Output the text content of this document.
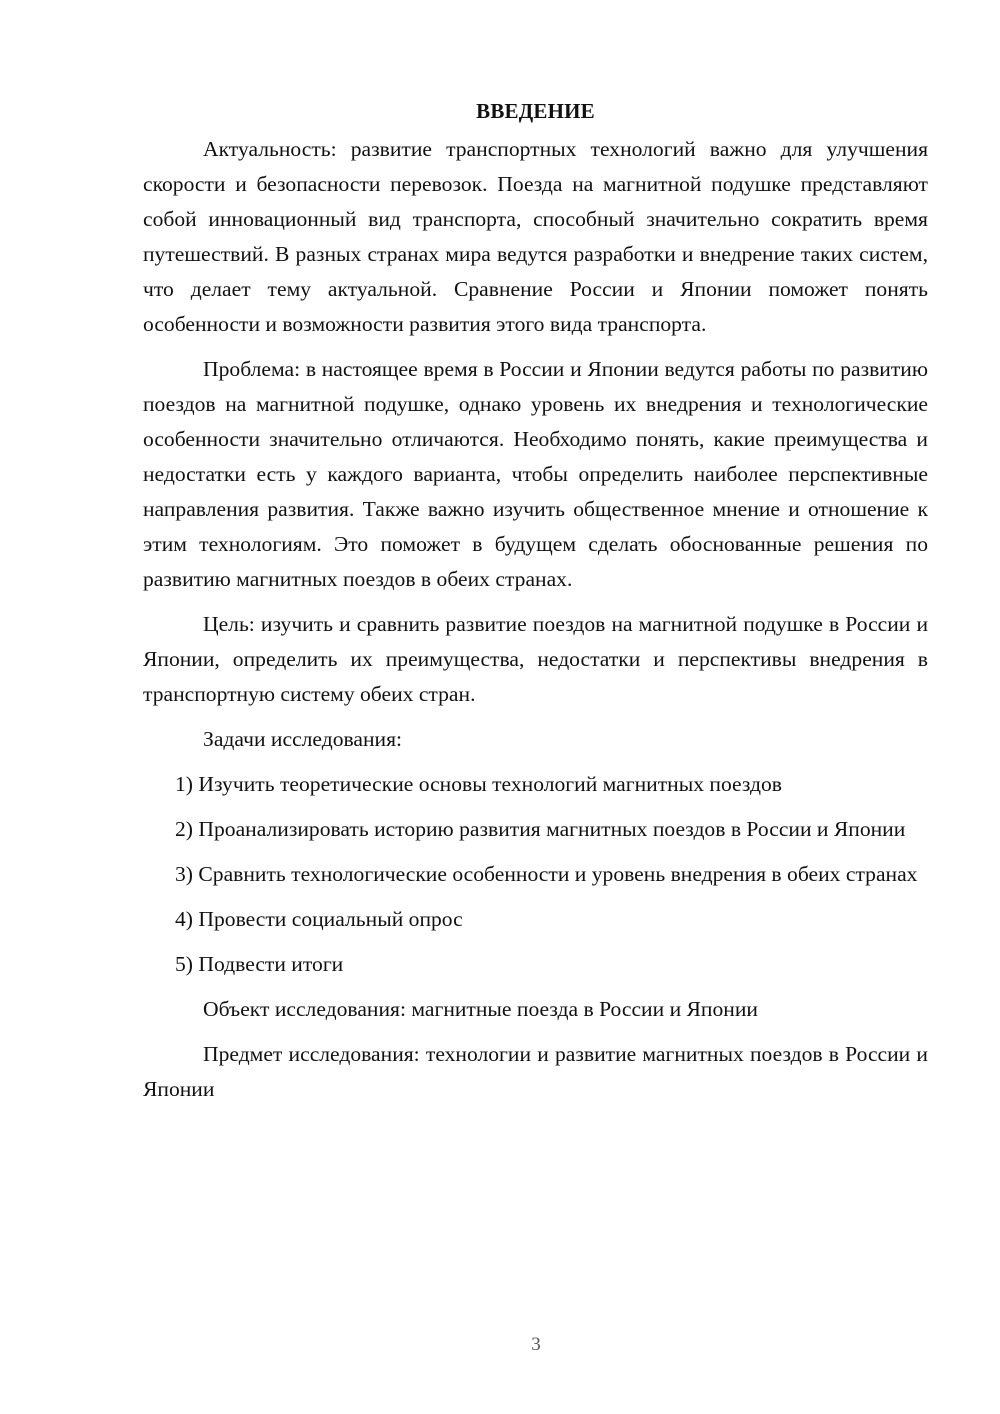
ВВЕДЕНИЕ

Актуальность: развитие транспортных технологий важно для улучшения скорости и безопасности перевозок. Поезда на магнитной подушке представляют собой инновационный вид транспорта, способный значительно сократить время путешествий. В разных странах мира ведутся разработки и внедрение таких систем, что делает тему актуальной. Сравнение России и Японии поможет понять особенности и возможности развития этого вида транспорта.

Проблема: в настоящее время в России и Японии ведутся работы по развитию поездов на магнитной подушке, однако уровень их внедрения и технологические особенности значительно отличаются. Необходимо понять, какие преимущества и недостатки есть у каждого варианта, чтобы определить наиболее перспективные направления развития. Также важно изучить общественное мнение и отношение к этим технологиям. Это поможет в будущем сделать обоснованные решения по развитию магнитных поездов в обеих странах.

Цель: изучить и сравнить развитие поездов на магнитной подушке в России и Японии, определить их преимущества, недостатки и перспективы внедрения в транспортную систему обеих стран.

Задачи исследования:

1) Изучить теоретические основы технологий магнитных поездов

2) Проанализировать историю развития магнитных поездов в России и Японии

3) Сравнить технологические особенности и уровень внедрения в обеих странах

4) Провести социальный опрос

5) Подвести итоги

Объект исследования: магнитные поезда в России и Японии

Предмет исследования: технологии и развитие магнитных поездов в России и Японии

3
